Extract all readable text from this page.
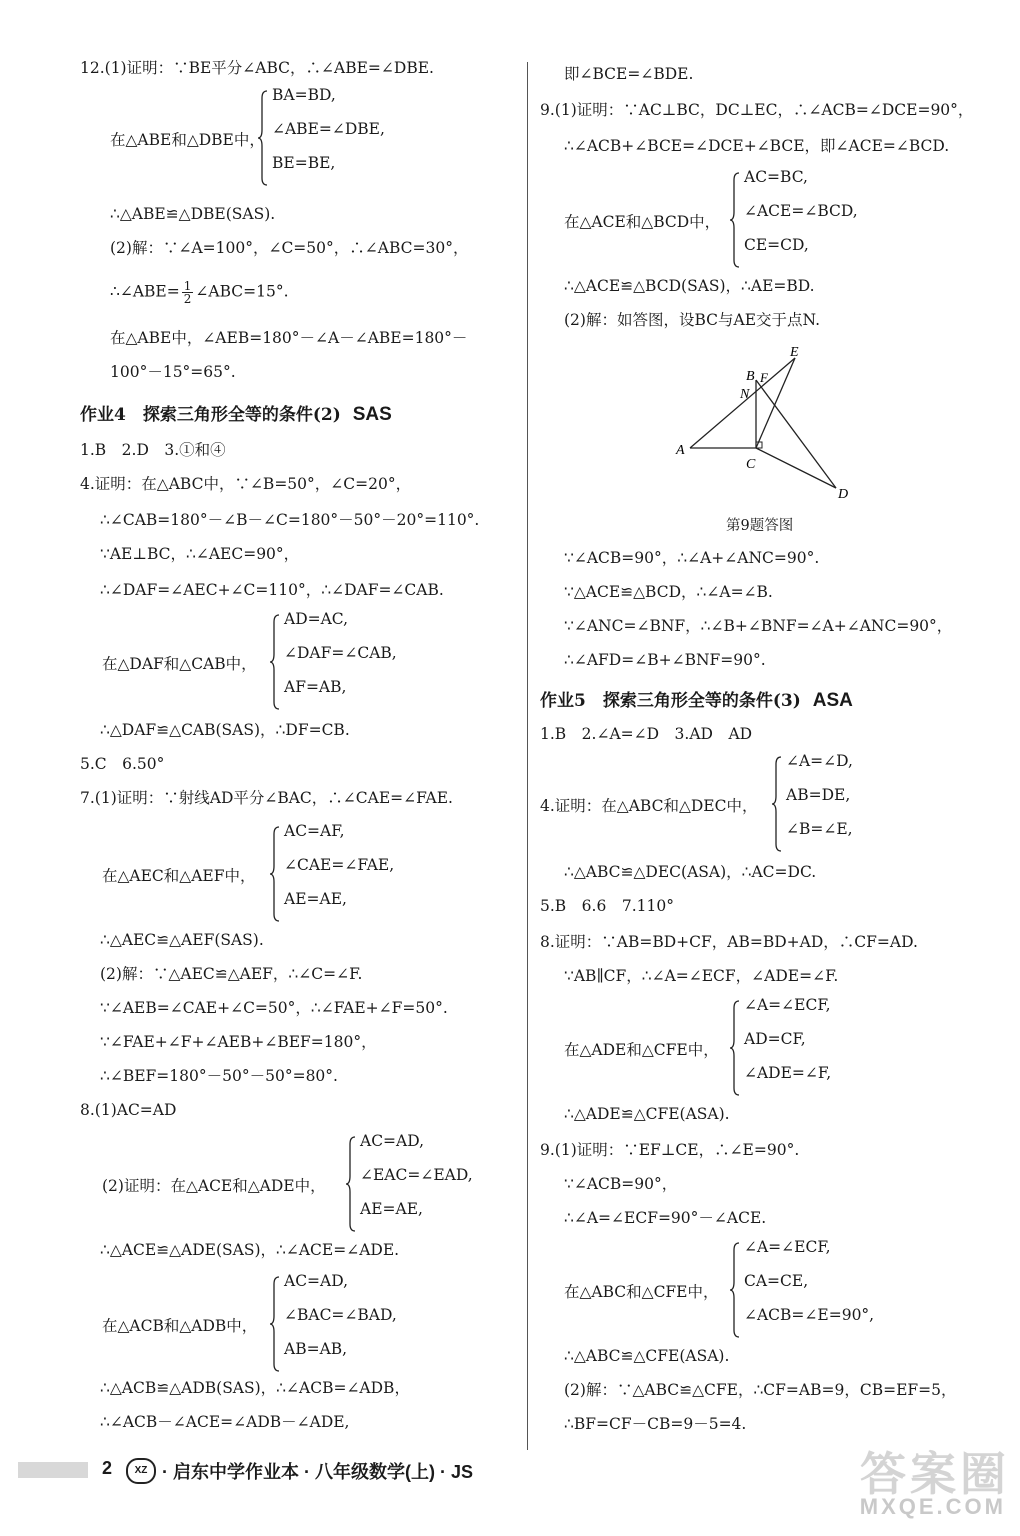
12.(1)证明：∵BE平分∠ABC，∴∠ABE=∠DBE.
在△ABE和△DBE中，
BA=BD,
∠ABE=∠DBE,
BE=BE,
∴△ABE≌△DBE(SAS).
(2)解：∵∠A=100°，∠C=50°，∴∠ABC=30°，
∴∠ABE= $\frac{1}{2}$ ∠ABC=15°.
在△ABE中，∠AEB=180°－∠A－∠ABE=180°－
100°－15°=65°.
作业4　探索三角形全等的条件(2) SAS
1.B　2.D　3.①和④
4.证明：在△ABC中，∵∠B=50°，∠C=20°，
∴∠CAB=180°－∠B－∠C=180°－50°－20°=110°.
∵AE⊥BC，∴∠AEC=90°，
∴∠DAF=∠AEC+∠C=110°，∴∠DAF=∠CAB.
在△DAF和△CAB中，
AD=AC,
∠DAF=∠CAB,
AF=AB,
∴△DAF≌△CAB(SAS)，∴DF=CB.
5.C　6.50°
7.(1)证明：∵射线AD平分∠BAC，∴∠CAE=∠FAE.
在△AEC和△AEF中，
AC=AF,
∠CAE=∠FAE,
AE=AE,
∴△AEC≌△AEF(SAS).
(2)解：∵△AEC≌△AEF，∴∠C=∠F.
∵∠AEB=∠CAE+∠C=50°，∴∠FAE+∠F=50°.
∵∠FAE+∠F+∠AEB+∠BEF=180°，
∴∠BEF=180°－50°－50°=80°.
8.(1)AC=AD
(2)证明：在△ACE和△ADE中，
AC=AD,
∠EAC=∠EAD,
AE=AE,
∴△ACE≌△ADE(SAS)，∴∠ACE=∠ADE.
在△ACB和△ADB中，
AC=AD,
∠BAC=∠BAD,
AB=AB,
∴△ACB≌△ADB(SAS)，∴∠ACB=∠ADB，
∴∠ACB－∠ACE=∠ADB－∠ADE,
即∠BCE=∠BDE.
9.(1)证明：∵AC⊥BC，DC⊥EC，∴∠ACB=∠DCE=90°，
∴∠ACB+∠BCE=∠DCE+∠BCE，即∠ACE=∠BCD.
在△ACE和△BCD中，
AC=BC,
∠ACE=∠BCD,
CE=CD,
∴△ACE≌△BCD(SAS)，∴AE=BD.
(2)解：如答图，设BC与AE交于点N.
A
C
D
E
B F
N
第9题答图
∵∠ACB=90°，∴∠A+∠ANC=90°.
∵△ACE≌△BCD，∴∠A=∠B.
∵∠ANC=∠BNF，∴∠B+∠BNF=∠A+∠ANC=90°，
∴∠AFD=∠B+∠BNF=90°.
作业5　探索三角形全等的条件(3) ASA
1.B　2.∠A=∠D　3.AD　AD
4.证明：在△ABC和△DEC中，
∠A=∠D,
AB=DE,
∠B=∠E,
∴△ABC≌△DEC(ASA)，∴AC=DC.
5.B　6.6　7.110°
8.证明：∵AB=BD+CF，AB=BD+AD，∴CF=AD.
∵AB∥CF，∴∠A=∠ECF，∠ADE=∠F.
在△ADE和△CFE中，
∠A=∠ECF,
AD=CF,
∠ADE=∠F,
∴△ADE≌△CFE(ASA).
9.(1)证明：∵EF⊥CE，∴∠E=90°.
∵∠ACB=90°，
∴∠A=∠ECF=90°－∠ACE.
在△ABC和△CFE中，
∠A=∠ECF,
CA=CE,
∠ACB=∠E=90°,
∴△ABC≌△CFE(ASA).
(2)解：∵△ABC≌△CFE，∴CF=AB=9，CB=EF=5，
∴BF=CF－CB=9－5=4.
2	XZ · 启东中学作业本 · 八年级数学(上) · JS	答案圈
MXQE.COM
